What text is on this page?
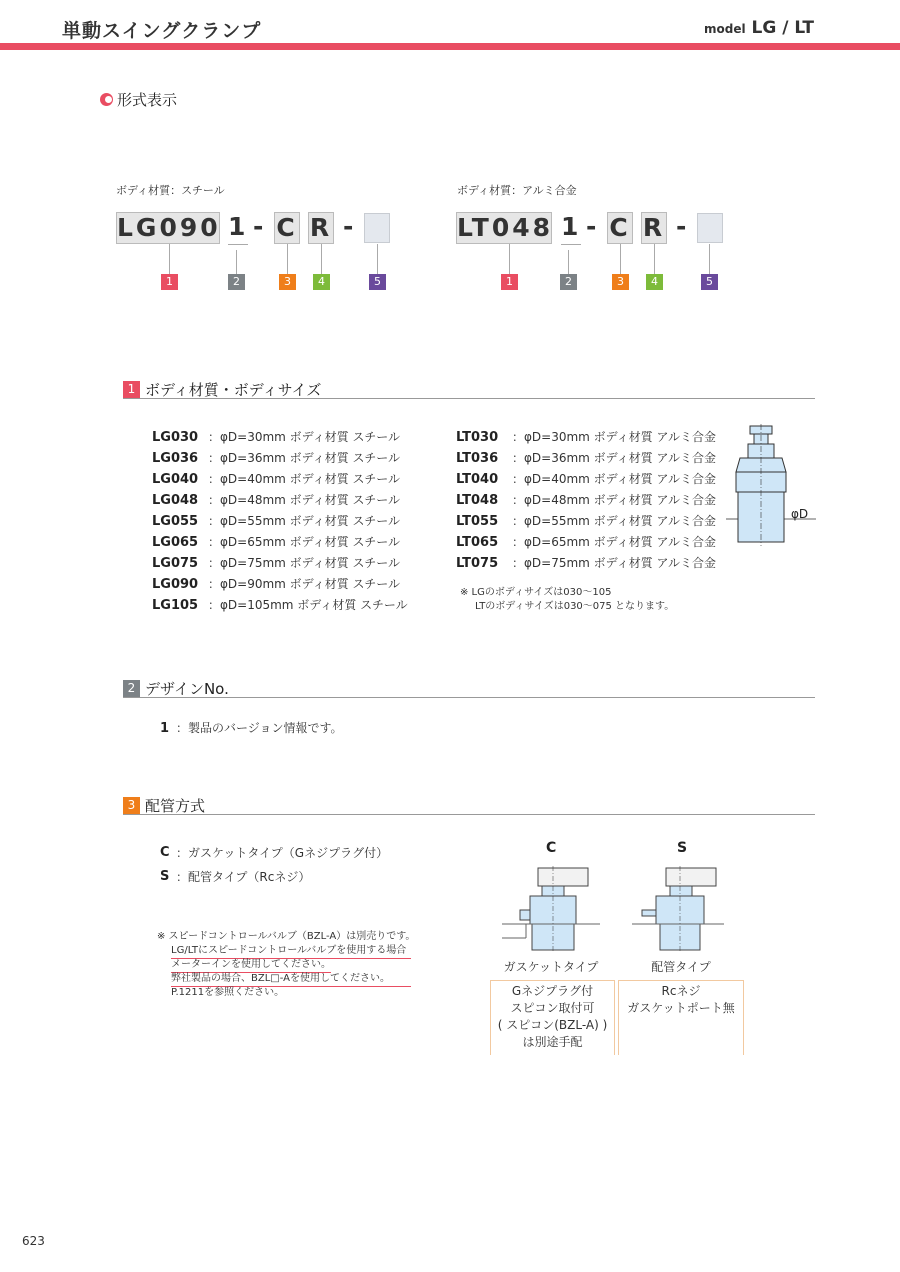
単動スイングクランプ	model LG / LT
形式表示
ボディ材質：スチール
LG090 1 - C R -
1	2	3	4	5
ボディ材質：アルミ合金
LT048 1 - C R -
1	2	3	4	5
1 ボディ材質・ボディサイズ
LG030 ：φD=30mm ボディ材質 スチール
LG036 ：φD=36mm ボディ材質 スチール
LG040 ：φD=40mm ボディ材質 スチール
LG048 ：φD=48mm ボディ材質 スチール
LG055 ：φD=55mm ボディ材質 スチール
LG065 ：φD=65mm ボディ材質 スチール
LG075 ：φD=75mm ボディ材質 スチール
LG090 ：φD=90mm ボディ材質 スチール
LG105 ：φD=105mm ボディ材質 スチール
LT030	：φD=30mm ボディ材質 アルミ合金
LT036	：φD=36mm ボディ材質 アルミ合金
LT040	：φD=40mm ボディ材質 アルミ合金
LT048	：φD=48mm ボディ材質 アルミ合金
LT055	：φD=55mm ボディ材質 アルミ合金
LT065	：φD=65mm ボディ材質 アルミ合金
LT075	：φD=75mm ボディ材質 アルミ合金
※ LGのボディサイズは030～105
LTのボディサイズは030～075 となります。
φD
2 デザインNo.
1 ：製品のバージョン情報です。
3 配管方式
C ：ガスケットタイプ（Gネジプラグ付）
S ：配管タイプ（Rcネジ）
※ スピードコントロールバルブ（BZL-A）は別売りです。
LG/LTにスピードコントロールバルブを使用する場合
メーターインを使用してください。
弊社製品の場合、BZL□-Aを使用してください。
P.1211を参照ください。
C
ガスケットタイプ
Gネジプラグ付
スピコン取付可
( スピコン(BZL-A) )
は別途手配
S
配管タイプ
Rcネジ
ガスケットポート無
623
